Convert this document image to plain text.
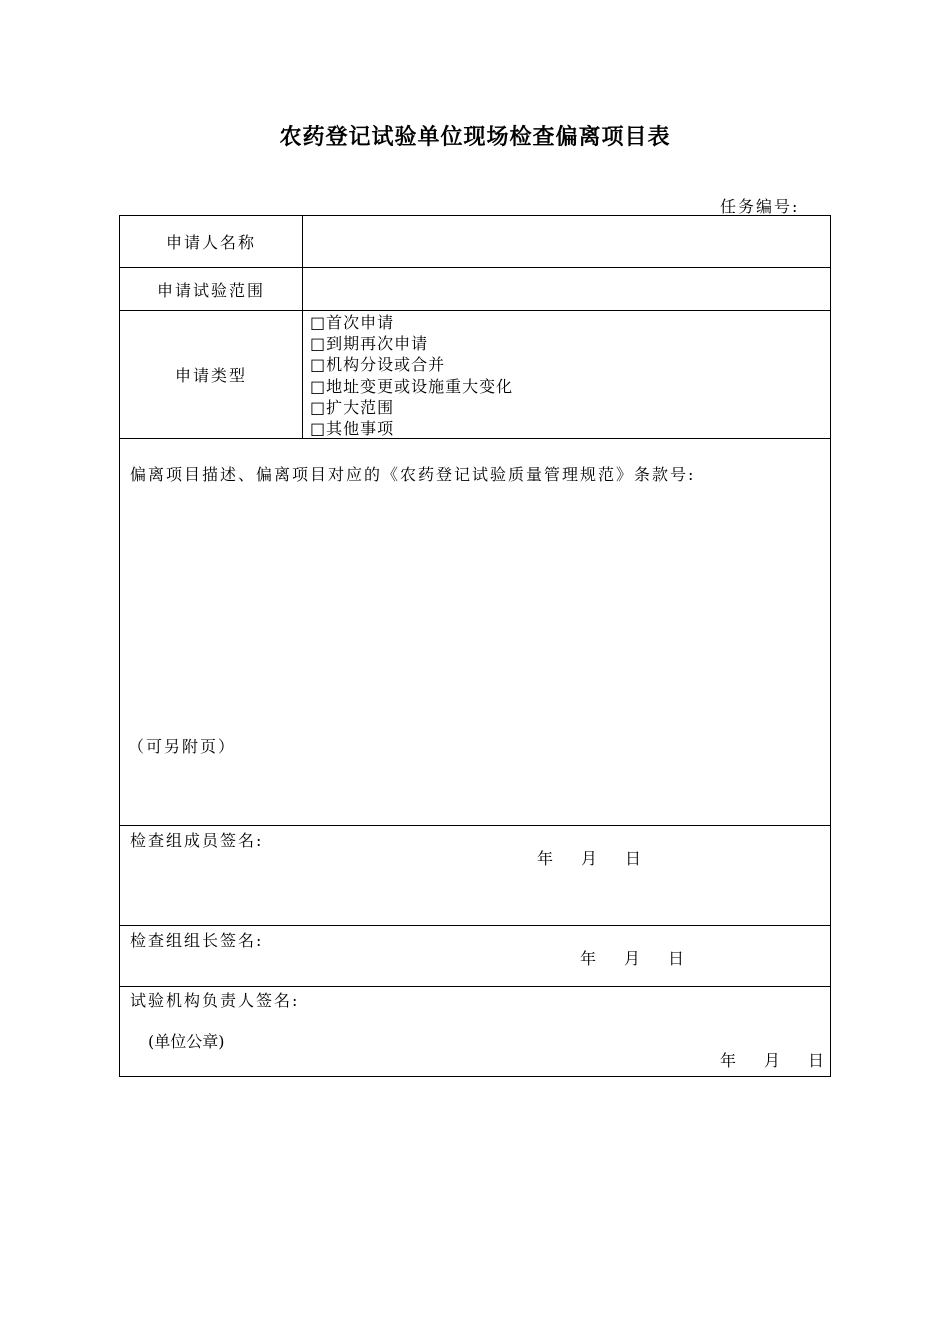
农药登记试验单位现场检查偏离项目表
任务编号:
申请人名称
申请试验范围
申请类型
□首次申请
□到期再次申请
□机构分设或合并
□地址变更或设施重大变化
□扩大范围
□其他事项
偏离项目描述、偏离项目对应的《农药登记试验质量管理规范》条款号:
（可另附页）
检查组成员签名:
年 月 日
检查组组长签名:
年 月 日
试验机构负责人签名:
(单位公章)
年 月 日
